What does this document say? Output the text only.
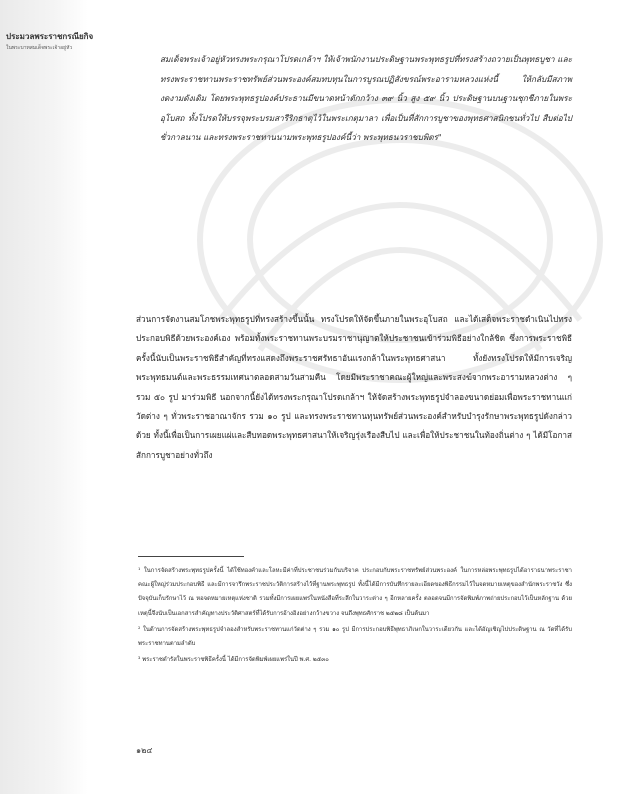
ประมวลพระราชกรณียกิจ
ในพระบาทสมเด็จพระเจ้าอยู่หัว
สมเด็จพระเจ้าอยู่หัวทรงพระกรุณาโปรดเกล้าฯ ให้เจ้าพนักงานประดิษฐานพระพุทธรูปที่ทรงสร้างถวายเป็นพุทธบูชา และทรงพระราชทานพระราชทรัพย์ส่วนพระองค์สมทบทุนในการบูรณปฏิสังขรณ์พระอารามหลวงแห่งนี้ ให้กลับมีสภาพงดงามดังเดิม โดยพระพุทธรูปองค์ประธานมีขนาดหน้าตักกว้าง ๓๙ นิ้ว สูง ๕๙ นิ้ว ประดิษฐานบนฐานชุกชีภายในพระอุโบสถ ทั้งโปรดให้บรรจุพระบรมสารีริกธาตุไว้ในพระเกตุมาลา เพื่อเป็นที่สักการบูชาของพุทธศาสนิกชนทั่วไป สืบต่อไปชั่วกาลนาน และทรงพระราชทานนามพระพุทธรูปองค์นี้ว่า พระพุทธนวราชบพิตร"
ส่วนการจัดงานสมโภชพระพุทธรูปที่ทรงสร้างขึ้นนั้น ทรงโปรดให้จัดขึ้นภายในพระอุโบสถ และได้เสด็จพระราชดำเนินไปทรงประกอบพิธีด้วยพระองค์เอง พร้อมทั้งพระราชทานพระบรมราชานุญาตให้ประชาชนเข้าร่วมพิธีอย่างใกล้ชิด ซึ่งการพระราชพิธีครั้งนี้นับเป็นพระราชพิธีสำคัญที่ทรงแสดงถึงพระราชศรัทธาอันแรงกล้าในพระพุทธศาสนา ทั้งยังทรงโปรดให้มีการเจริญพระพุทธมนต์และพระธรรมเทศนาตลอดสามวันสามคืน โดยมีพระราชาคณะผู้ใหญ่และพระสงฆ์จากพระอารามหลวงต่าง ๆ รวม ๕๐ รูป มาร่วมพิธี นอกจากนี้ยังได้ทรงพระกรุณาโปรดเกล้าฯ ให้จัดสร้างพระพุทธรูปจำลองขนาดย่อมเพื่อพระราชทานแก่วัดต่าง ๆ ทั่วพระราชอาณาจักร รวม ๑๐ รูป และทรงพระราชทานทุนทรัพย์ส่วนพระองค์สำหรับบำรุงรักษาพระพุทธรูปดังกล่าวด้วย ทั้งนี้เพื่อเป็นการเผยแผ่และสืบทอดพระพุทธศาสนาให้เจริญรุ่งเรืองสืบไป และเพื่อให้ประชาชนในท้องถิ่นต่าง ๆ ได้มีโอกาสสักการบูชาอย่างทั่วถึง

¹ ในการจัดสร้างพระพุทธรูปครั้งนี้ ได้ใช้ทองคำและโลหะมีค่าที่ประชาชนร่วมกันบริจาค ประกอบกับพระราชทรัพย์ส่วนพระองค์ ในการหล่อพระพุทธรูปได้อาราธนาพระราชาคณะผู้ใหญ่ร่วมประกอบพิธี และมีการจารึกพระราชประวัติการสร้างไว้ที่ฐานพระพุทธรูป ทั้งนี้ได้มีการบันทึกรายละเอียดของพิธีกรรมไว้ในจดหมายเหตุของสำนักพระราชวัง ซึ่งปัจจุบันเก็บรักษาไว้ ณ หอจดหมายเหตุแห่งชาติ รวมทั้งมีการเผยแพร่ในหนังสือที่ระลึกในวาระต่าง ๆ อีกหลายครั้ง ตลอดจนมีการจัดพิมพ์ภาพถ่ายประกอบไว้เป็นหลักฐาน ด้วยเหตุนี้จึงนับเป็นเอกสารสำคัญทางประวัติศาสตร์ที่ได้รับการอ้างอิงอย่างกว้างขวาง จนถึงพุทธศักราช ๒๕๒๘ เป็นต้นมา

² ในด้านการจัดสร้างพระพุทธรูปจำลองสำหรับพระราชทานแก่วัดต่าง ๆ รวม ๑๐ รูป มีการประกอบพิธีพุทธาภิเษกในวาระเดียวกัน และได้อัญเชิญไปประดิษฐาน ณ วัดที่ได้รับพระราชทานตามลำดับ

³ พระราชดำรัสในพระราชพิธีครั้งนี้ ได้มีการจัดพิมพ์เผยแพร่ในปี พ.ศ. ๒๕๓๐

๑๒๔
